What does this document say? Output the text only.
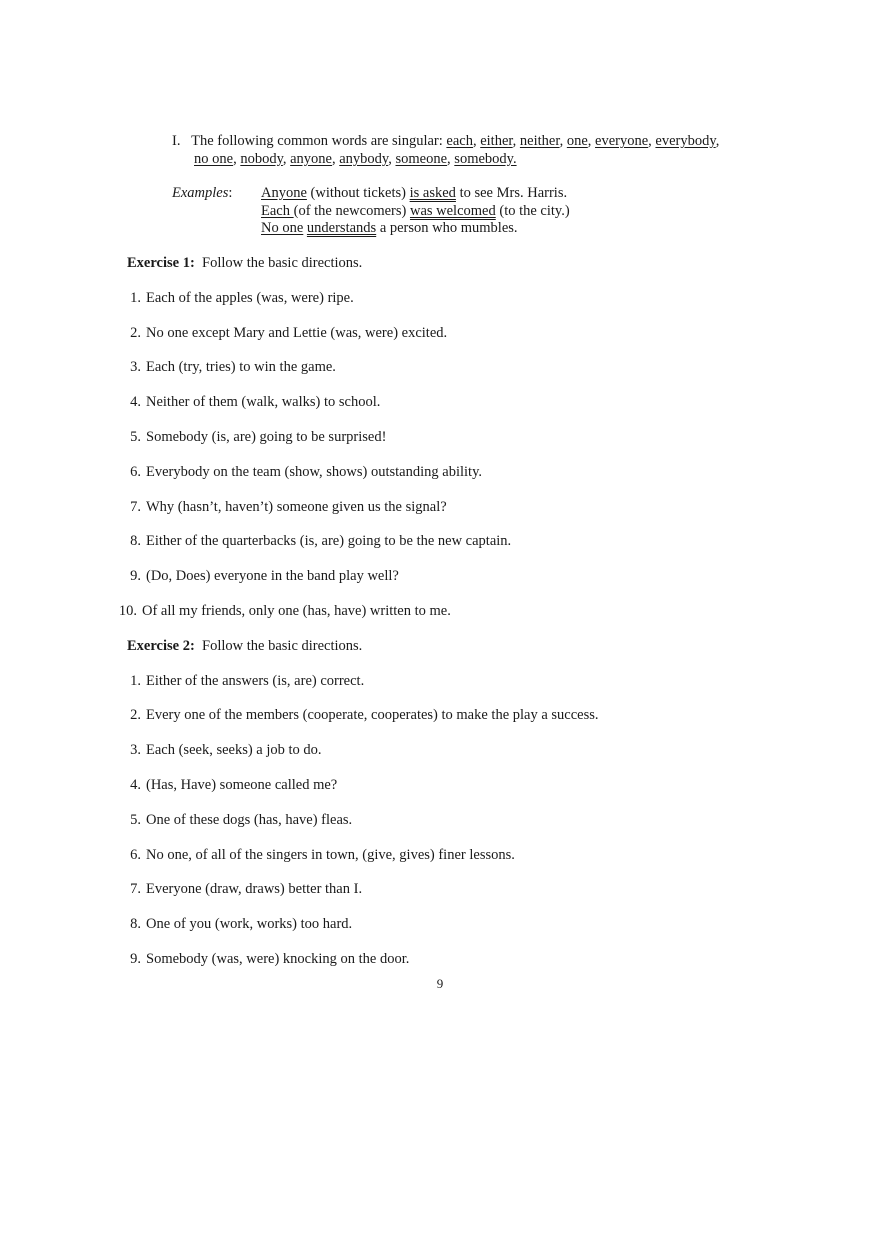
I. The following common words are singular: each, either, neither, one, everyone, everybody,
no one, nobody, anyone, anybody, someone, somebody.
Examples: Anyone (without tickets) is asked to see Mrs. Harris.
Each (of the newcomers) was welcomed (to the city.)
No one understands a person who mumbles.
Exercise 1: Follow the basic directions.
1. Each of the apples (was, were) ripe.
2. No one except Mary and Lettie (was, were) excited.
3. Each (try, tries) to win the game.
4. Neither of them (walk, walks) to school.
5. Somebody (is, are) going to be surprised!
6. Everybody on the team (show, shows) outstanding ability.
7. Why (hasn’t, haven’t) someone given us the signal?
8. Either of the quarterbacks (is, are) going to be the new captain.
9. (Do, Does) everyone in the band play well?
10. Of all my friends, only one (has, have) written to me.
Exercise 2: Follow the basic directions.
1. Either of the answers (is, are) correct.
2. Every one of the members (cooperate, cooperates) to make the play a success.
3. Each (seek, seeks) a job to do.
4. (Has, Have) someone called me?
5. One of these dogs (has, have) fleas.
6. No one, of all of the singers in town, (give, gives) finer lessons.
7. Everyone (draw, draws) better than I.
8. One of you (work, works) too hard.
9. Somebody (was, were) knocking on the door.
9
